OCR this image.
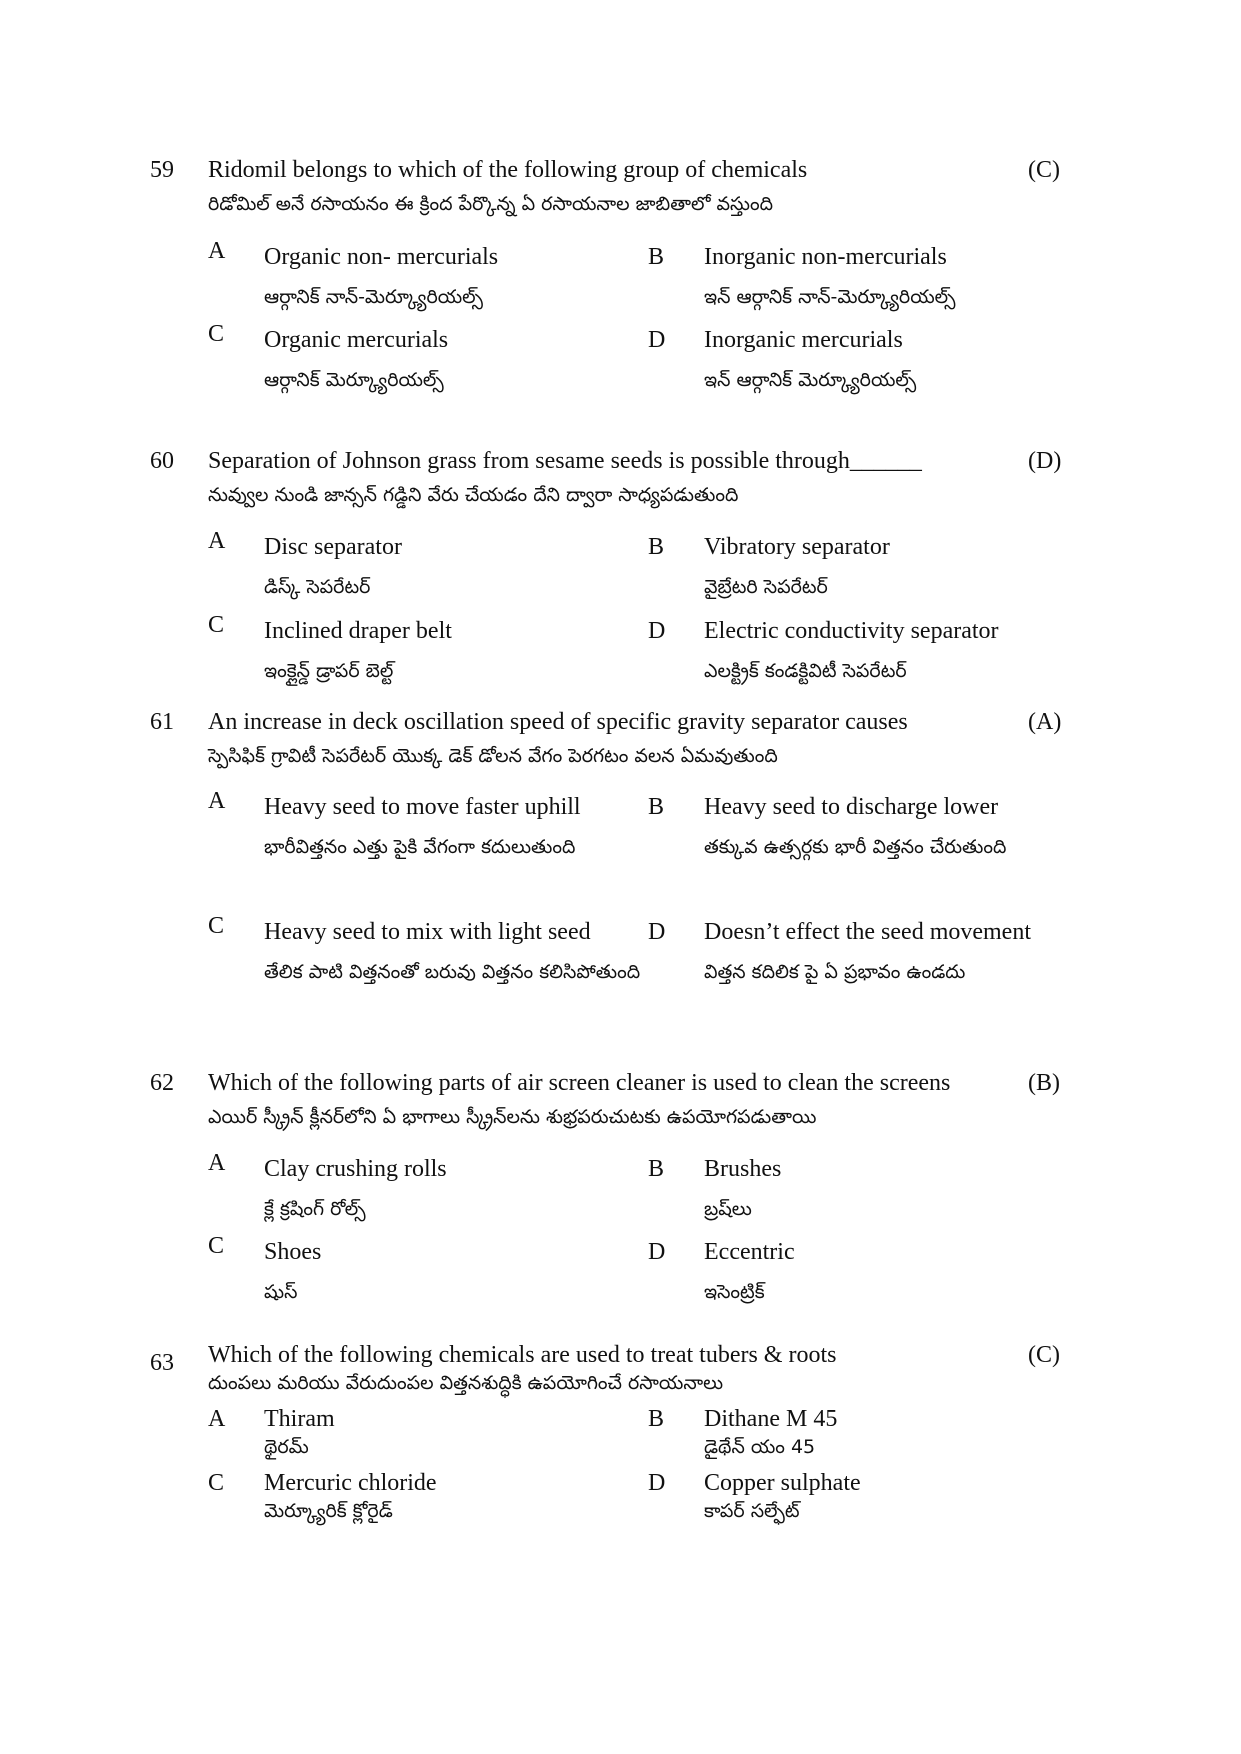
59 Ridomil belongs to which of the following group of chemicals	(C)
రిడోమిల్ అనే రసాయనం ఈ క్రింద పేర్కొన్న ఏ రసాయనాల జాబితాలో వస్తుంది
A Organic non- mercurials
ఆర్గానిక్ నాన్-మెర్క్యూరియల్స్
B Inorganic non-mercurials
ఇన్ ఆర్గానిక్ నాన్-మెర్క్యూరియల్స్
C Organic mercurials
ఆర్గానిక్ మెర్క్యూరియల్స్
D Inorganic mercurials
ఇన్ ఆర్గానిక్ మెర్క్యూరియల్స్
60 Separation of Johnson grass from sesame seeds is possible through______	(D)
నువ్వుల నుండి జాన్సన్ గడ్డిని వేరు చేయడం దేని ద్వారా సాధ్యపడుతుంది
A Disc separator
డిస్క్ సెపరేటర్
B Vibratory separator
వైబ్రేటరి సెపరేటర్
C Inclined draper belt
ఇంక్లైన్డ్ డ్రాపర్ బెల్ట్
D Electric conductivity separator
ఎలక్ట్రిక్ కండక్టివిటీ సెపరేటర్
61 An increase in deck oscillation speed of specific gravity separator causes	(A)
స్పెసిఫిక్ గ్రావిటీ సెపరేటర్ యొక్క డెక్ డోలన వేగం పెరగటం వలన ఏమవుతుంది
A Heavy seed to move faster uphill
భారీవిత్తనం ఎత్తు పైకి వేగంగా కదులుతుంది
B Heavy seed to discharge lower
తక్కువ ఉత్సర్గకు భారీ విత్తనం చేరుతుంది
C Heavy seed to mix with light seed
తేలిక పాటి విత్తనంతో బరువు విత్తనం కలిసిపోతుంది
D Doesn’t effect the seed movement
విత్తన కదిలిక పై ఏ ప్రభావం ఉండదు
62 Which of the following parts of air screen cleaner is used to clean the screens	(B)
ఎయిర్ స్క్రీన్ క్లీనర్‌లోని ఏ భాగాలు స్క్రీన్‌లను శుభ్రపరుచుటకు ఉపయోగపడుతాయి
A Clay crushing rolls
క్లే క్రషింగ్ రోల్స్
B Brushes
బ్రష్‌లు
C Shoes
షుస్
D Eccentric
ఇసెంట్రిక్
63 Which of the following chemicals are used to treat tubers & roots	(C)
దుంపలు మరియు వేరుదుంపల విత్తనశుద్ధికి ఉపయోగించే రసాయనాలు
A Thiram
థైరమ్
B Dithane M 45
డైథేన్ యం 45
C Mercuric chloride
మెర్క్యూరిక్ క్లోరైడ్
D Copper sulphate
కాపర్ సల్ఫేట్
